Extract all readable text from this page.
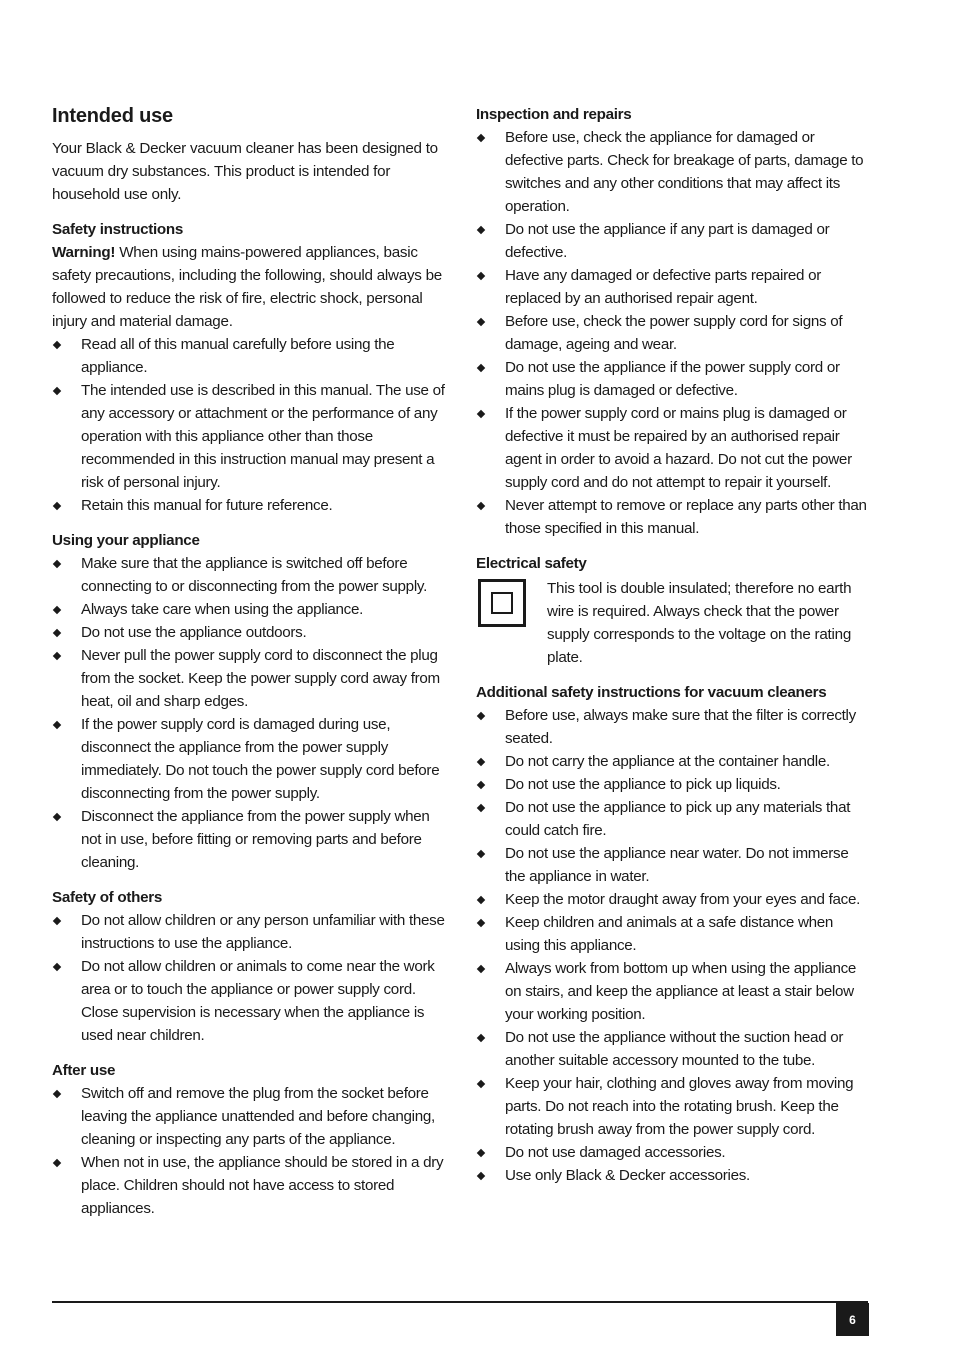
Intended use

Your Black & Decker vacuum cleaner has been designed to vacuum dry substances. This product is intended for household use only.

Safety instructions

Warning! When using mains-powered appliances, basic safety precautions, including the following, should always be followed to reduce the risk of fire, electric shock, personal injury and material damage.

Read all of this manual carefully before using the appliance.
The intended use is described in this manual. The use of any accessory or attachment or the performance of any operation with this appliance other than those recommended in this instruction manual may present a risk of personal injury.
Retain this manual for future reference.
Using your appliance
Make sure that the appliance is switched off before connecting to or disconnecting from the power supply.
Always take care when using the appliance.
Do not use the appliance outdoors.
Never pull the power supply cord to disconnect the plug from the socket. Keep the power supply cord away from heat, oil and sharp edges.
If the power supply cord is damaged during use, disconnect the appliance from the power supply immediately. Do not touch the power supply cord before disconnecting from the power supply.
Disconnect the appliance from the power supply when not in use, before fitting or removing parts and before cleaning.
Safety of others
Do not allow children or any person unfamiliar with these instructions to use the appliance.
Do not allow children or animals to come near the work area or to touch the appliance or power supply cord. Close supervision is necessary when the appliance is used near children.
After use
Switch off and remove the plug from the socket before leaving the appliance unattended and before changing, cleaning or inspecting any parts of the appliance.
When not in use, the appliance should be stored in a dry place. Children should not have access to stored appliances.
Inspection and repairs
Before use, check the appliance for damaged or defective parts. Check for breakage of parts, damage to switches and any other conditions that may affect its operation.
Do not use the appliance if any part is damaged or defective.
Have any damaged or defective parts repaired or replaced by an authorised repair agent.
Before use, check the power supply cord for signs of damage, ageing and wear.
Do not use the appliance if the power supply cord or mains plug is damaged or defective.
If the power supply cord or mains plug is damaged or defective it must be repaired by an authorised repair agent in order to avoid a hazard. Do not cut the power supply cord and do not attempt to repair it yourself.
Never attempt to remove or replace any parts other than those specified in this manual.
Electrical safety
This tool is double insulated; therefore no earth wire is required. Always check that the power supply corresponds to the voltage on the rating plate.
Additional safety instructions for vacuum cleaners
Before use, always make sure that the filter is correctly seated.
Do not carry the appliance at the container handle.
Do not use the appliance to pick up liquids.
Do not use the appliance to pick up any materials that could catch fire.
Do not use the appliance near water. Do not immerse the appliance in water.
Keep the motor draught away from your eyes and face.
Keep children and animals at a safe distance when using this appliance.
Always work from bottom up when using the appliance on stairs, and keep the appliance at least a stair below your working position.
Do not use the appliance without the suction head or another suitable accessory mounted to the tube.
Keep your hair, clothing and gloves away from moving parts. Do not reach into the rotating brush. Keep the rotating brush away from the power supply cord.
Do not use damaged accessories.
Use only Black & Decker accessories.
6
